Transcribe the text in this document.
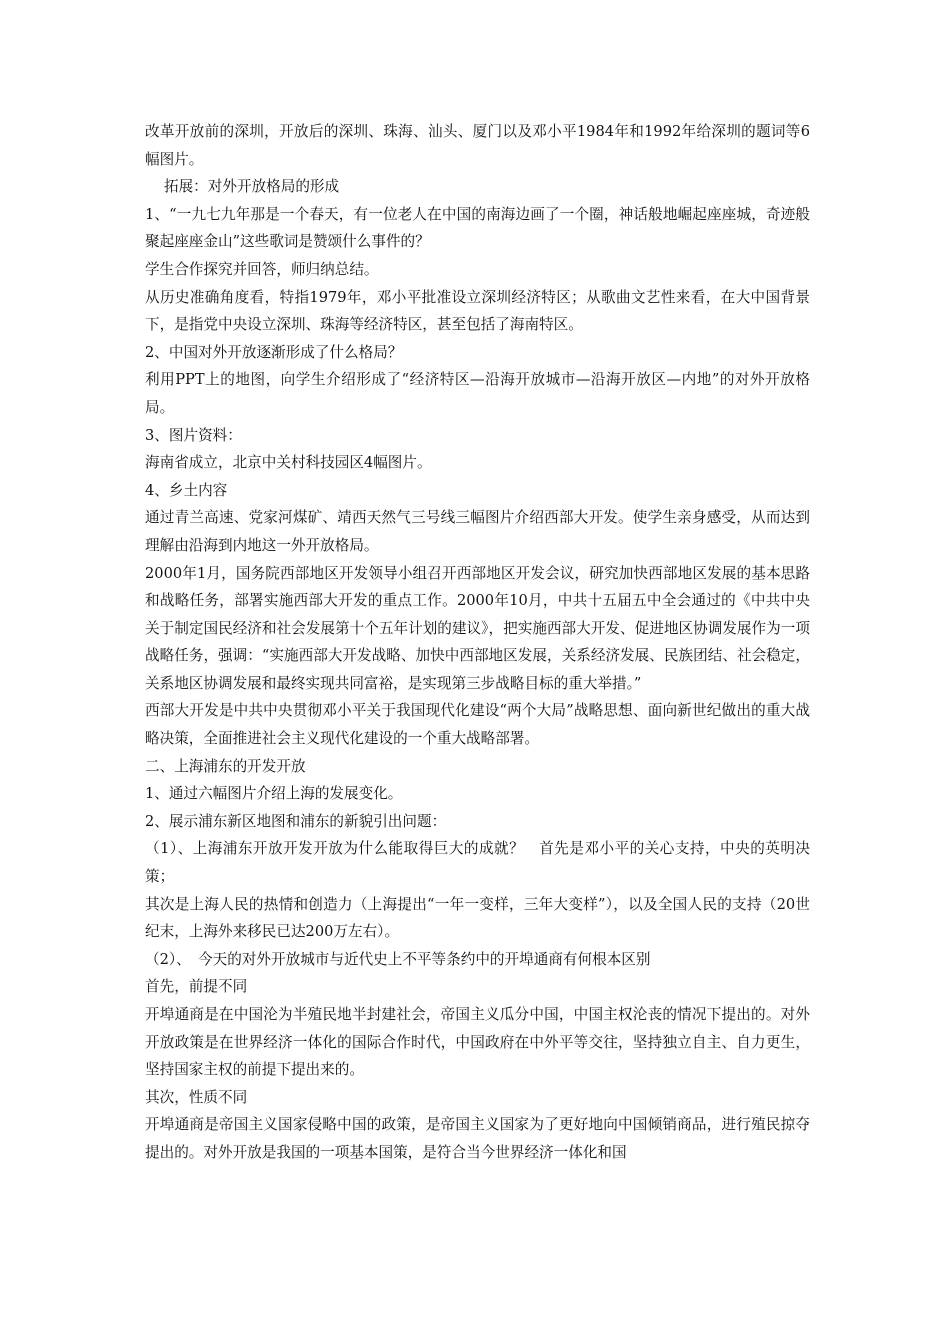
改革开放前的深圳，开放后的深圳、珠海、汕头、厦门以及邓小平1984年和1992年给深圳的题词等6幅图片。

拓展：对外开放格局的形成

1、“一九七九年那是一个春天，有一位老人在中国的南海边画了一个圈，神话般地崛起座座城，奇迹般聚起座座金山”这些歌词是赞颂什么事件的？

学生合作探究并回答，师归纳总结。

从历史准确角度看，特指1979年，邓小平批准设立深圳经济特区；从歌曲文艺性来看，在大中国背景下，是指党中央设立深圳、珠海等经济特区，甚至包括了海南特区。

2、中国对外开放逐渐形成了什么格局？

利用PPT上的地图，向学生介绍形成了“经济特区—沿海开放城市—沿海开放区—内地”的对外开放格局。

3、图片资料：

海南省成立，北京中关村科技园区4幅图片。

4、乡土内容

通过青兰高速、党家河煤矿、靖西天然气三号线三幅图片介绍西部大开发。使学生亲身感受，从而达到理解由沿海到内地这一外开放格局。

2000年1月，国务院西部地区开发领导小组召开西部地区开发会议，研究加快西部地区发展的基本思路和战略任务，部署实施西部大开发的重点工作。2000年10月，中共十五届五中全会通过的《中共中央关于制定国民经济和社会发展第十个五年计划的建议》，把实施西部大开发、促进地区协调发展作为一项战略任务，强调：“实施西部大开发战略、加快中西部地区发展，关系经济发展、民族团结、社会稳定，关系地区协调发展和最终实现共同富裕，是实现第三步战略目标的重大举措。”

西部大开发是中共中央贯彻邓小平关于我国现代化建设“两个大局”战略思想、面向新世纪做出的重大战略决策，全面推进社会主义现代化建设的一个重大战略部署。

二、上海浦东的开发开放

1、通过六幅图片介绍上海的发展变化。

2、展示浦东新区地图和浦东的新貌引出问题：

（1）、上海浦东开放开发开放为什么能取得巨大的成就？　首先是邓小平的关心支持，中央的英明决策；

其次是上海人民的热情和创造力（上海提出“一年一变样，三年大变样”），以及全国人民的支持（20世纪末，上海外来移民已达200万左右）。

（2）、　今天的对外开放城市与近代史上不平等条约中的开埠通商有何根本区别

首先，前提不同

开埠通商是在中国沦为半殖民地半封建社会，帝国主义瓜分中国，中国主权沦丧的情况下提出的。对外开放政策是在世界经济一体化的国际合作时代，中国政府在中外平等交往，坚持独立自主、自力更生，坚持国家主权的前提下提出来的。

其次，性质不同

开埠通商是帝国主义国家侵略中国的政策，是帝国主义国家为了更好地向中国倾销商品，进行殖民掠夺提出的。对外开放是我国的一项基本国策，是符合当今世界经济一体化和国
